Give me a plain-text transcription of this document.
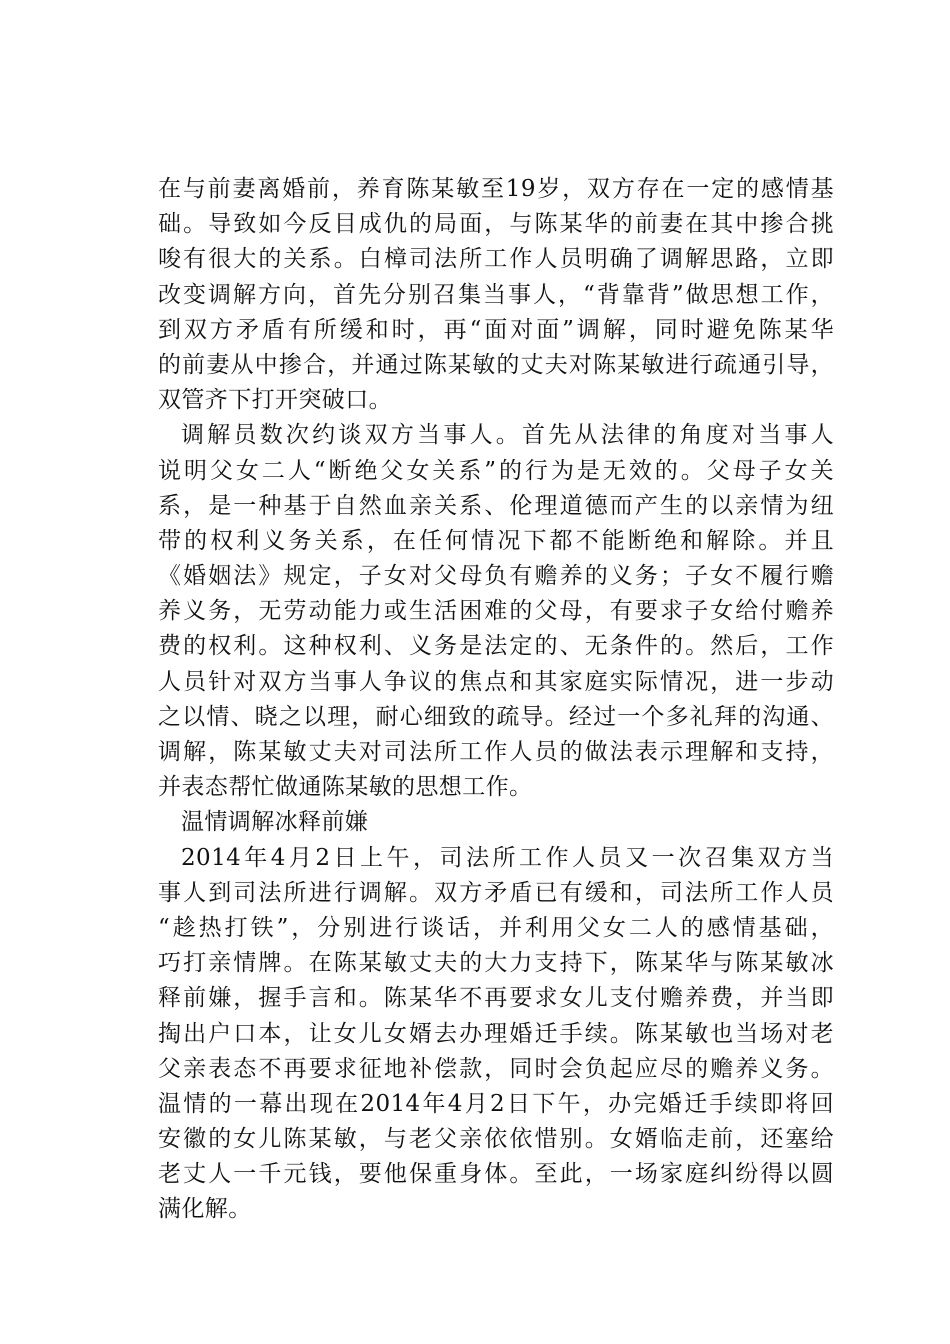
在与前妻离婚前，养育陈某敏至19岁，双方存在一定的感情基
础。导致如今反目成仇的局面，与陈某华的前妻在其中掺合挑
唆有很大的关系。白樟司法所工作人员明确了调解思路，立即
改变调解方向，首先分别召集当事人，“背靠背”做思想工作，
到双方矛盾有所缓和时，再“面对面”调解，同时避免陈某华
的前妻从中掺合，并通过陈某敏的丈夫对陈某敏进行疏通引导，
双管齐下打开突破口。
调解员数次约谈双方当事人。首先从法律的角度对当事人
说明父女二人“断绝父女关系”的行为是无效的。父母子女关
系，是一种基于自然血亲关系、伦理道德而产生的以亲情为纽
带的权利义务关系，在任何情况下都不能断绝和解除。并且
《婚姻法》规定，子女对父母负有赡养的义务；子女不履行赡
养义务，无劳动能力或生活困难的父母，有要求子女给付赡养
费的权利。这种权利、义务是法定的、无条件的。然后，工作
人员针对双方当事人争议的焦点和其家庭实际情况，进一步动
之以情、晓之以理，耐心细致的疏导。经过一个多礼拜的沟通、
调解，陈某敏丈夫对司法所工作人员的做法表示理解和支持，
并表态帮忙做通陈某敏的思想工作。
温情调解冰释前嫌
2014年4月2日上午，司法所工作人员又一次召集双方当
事人到司法所进行调解。双方矛盾已有缓和，司法所工作人员
“趁热打铁”，分别进行谈话，并利用父女二人的感情基础，
巧打亲情牌。在陈某敏丈夫的大力支持下，陈某华与陈某敏冰
释前嫌，握手言和。陈某华不再要求女儿支付赡养费，并当即
掏出户口本，让女儿女婿去办理婚迁手续。陈某敏也当场对老
父亲表态不再要求征地补偿款，同时会负起应尽的赡养义务。
温情的一幕出现在2014年4月2日下午，办完婚迁手续即将回
安徽的女儿陈某敏，与老父亲依依惜别。女婿临走前，还塞给
老丈人一千元钱，要他保重身体。至此，一场家庭纠纷得以圆
满化解。
